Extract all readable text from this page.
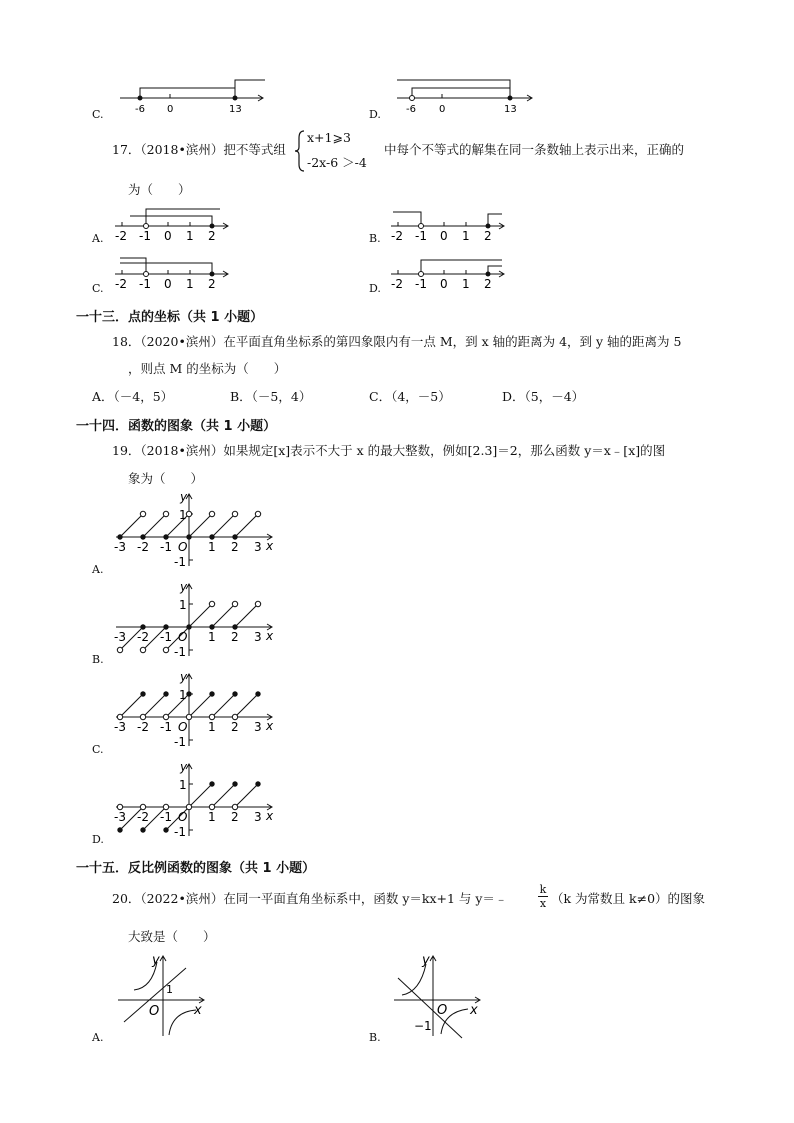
C.	-6 0	13	D.	-6 0	13
17．（2018•滨州）把不等式组
x+1⩾3
-2x-6 ＞-4
中每个不等式的解集在同一条数轴上表示出来，正确的
为（　　）
A. -2 -1 0 1 2	B. -2 -1 0 1 2
C. -2 -1 0 1 2	D. -2 -1 0 1 2
一十三．点的坐标（共 1 小题）
18．（2020•滨州）在平面直角坐标系的第四象限内有一点 M，到 x 轴的距离为 4，到 y 轴的距离为 5
，则点 M 的坐标为（　　）
A．（－4，5）	B．（－5，4）	C．（4，－5）	D．（5，－4）
一十四．函数的图象（共 1 小题）
19．（2018•滨州）如果规定[x]表示不大于 x 的最大整数，例如[2.3]＝2，那么函数 y＝x﹣[x]的图
象为（　　）
A.
y
x
1
-1
-3 -2 -1 O 1 2 3
B.
y
x
1
-1
-3 -2 -1 O 1 2 3
C.
y
x
1
-1
-3 -2 -1 O 1 2 3
D.
y
x
1
-1
-3 -2 -1 O 1 2 3
一十五．反比例函数的图象（共 1 小题）
20．（2022•滨州）在同一平面直角坐标系中，函数 y＝kx+1 与 y＝﹣	$\frac{k}{x} (k$ 为常数且 k≠0）的图象
大致是（　　）
A.
y
x
O
1
B.
y
x
O
−1
